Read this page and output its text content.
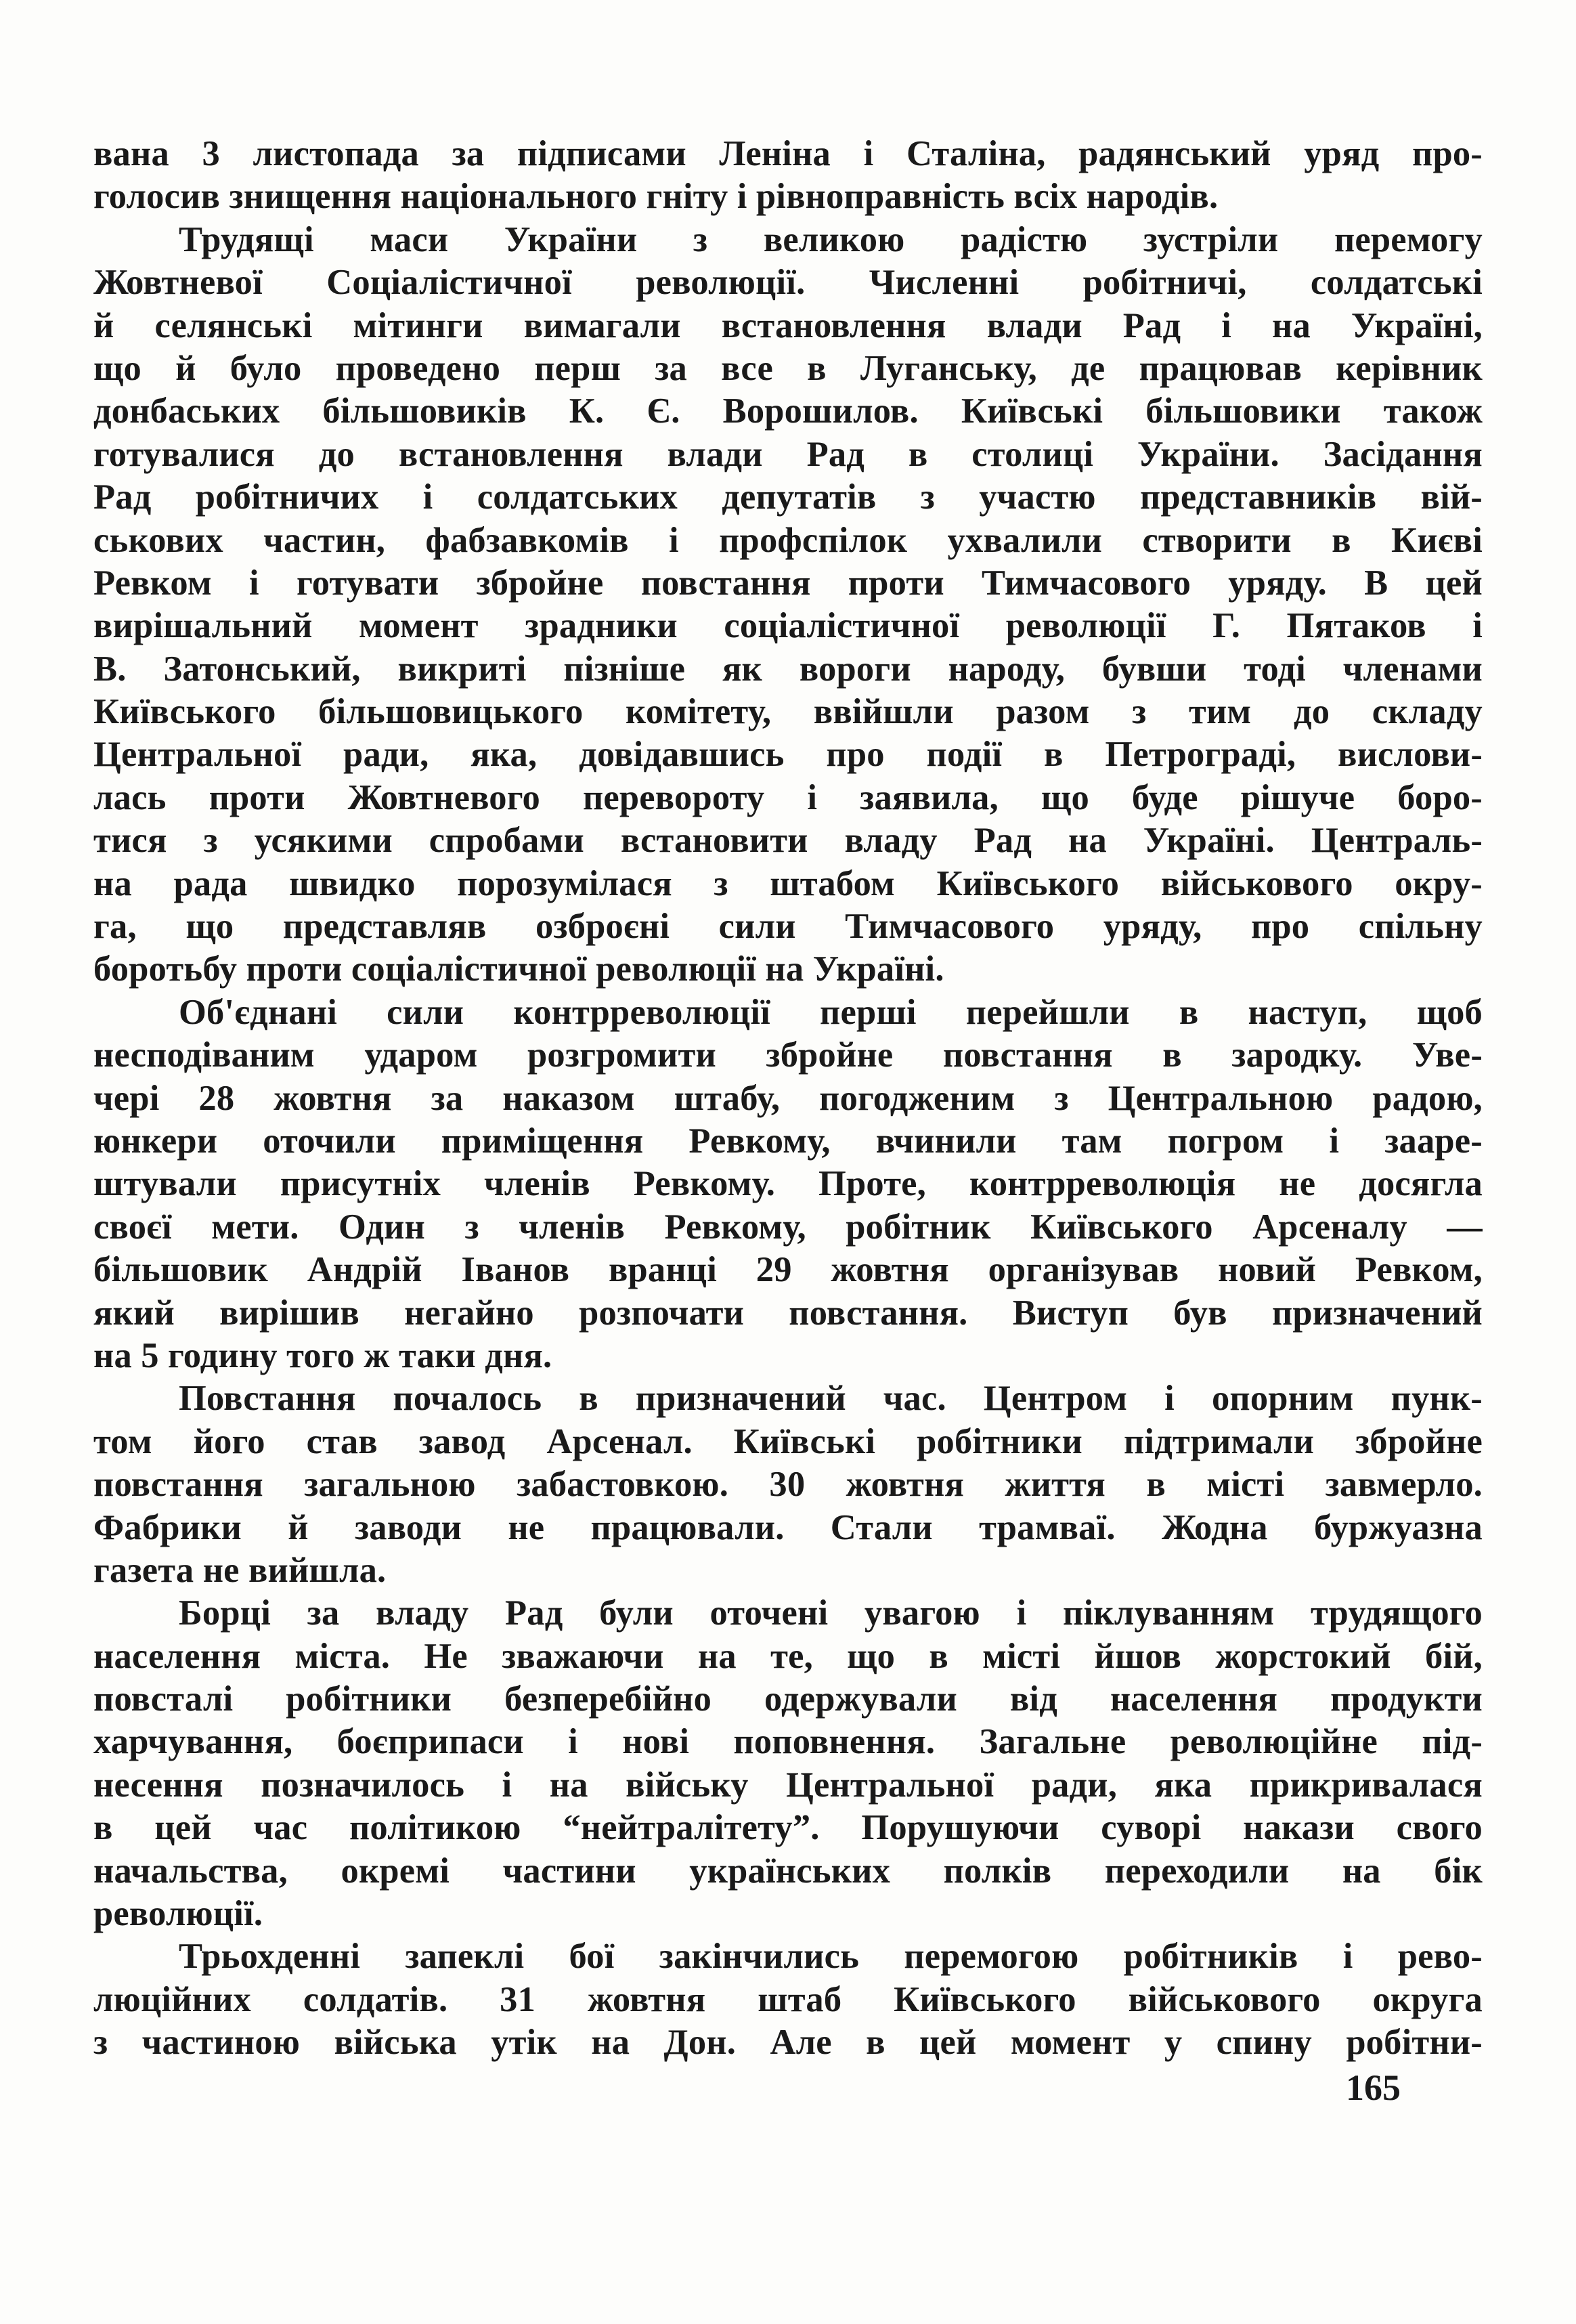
вана 3 листопада за підписами Леніна і Сталіна, радянський уряд про-
голосив знищення національного гніту і рівноправність всіх народів.
Трудящі маси України з великою радістю зустріли перемогу
Жовтневої Соціалістичної революції. Численні робітничі, солдатські
й селянські мітинги вимагали встановлення влади Рад і на Україні,
що й було проведено перш за все в Луганську, де працював керівник
донбаських більшовиків К. Є. Ворошилов. Київські більшовики також
готувалися до встановлення влади Рад в столиці України. Засідання
Рад робітничих і солдатських депутатів з участю представників вій-
ськових частин, фабзавкомів і профспілок ухвалили створити в Києві
Ревком і готувати збройне повстання проти Тимчасового уряду. В цей
вирішальний момент зрадники соціалістичної революції Г. Пятаков і
В. Затонський, викриті пізніше як вороги народу, бувши тоді членами
Київського більшовицького комітету, ввійшли разом з тим до складу
Центральної ради, яка, довідавшись про події в Петрограді, вислови-
лась проти Жовтневого перевороту і заявила, що буде рішуче боро-
тися з усякими спробами встановити владу Рад на Україні. Централь-
на рада швидко порозумілася з штабом Київського військового окру-
га, що представляв озброєні сили Тимчасового уряду, про спільну
боротьбу проти соціалістичної революції на Україні.
Об'єднані сили контрреволюції перші перейшли в наступ, щоб
несподіваним ударом розгромити збройне повстання в зародку. Уве-
чері 28 жовтня за наказом штабу, погодженим з Центральною радою,
юнкери оточили приміщення Ревкому, вчинили там погром і зааре-
штували присутніх членів Ревкому. Проте, контрреволюція не досягла
своєї мети. Один з членів Ревкому, робітник Київського Арсеналу —
більшовик Андрій Іванов вранці 29 жовтня організував новий Ревком,
який вирішив негайно розпочати повстання. Виступ був призначений
на 5 годину того ж таки дня.
Повстання почалось в призначений час. Центром і опорним пунк-
том його став завод Арсенал. Київські робітники підтримали збройне
повстання загальною забастовкою. 30 жовтня життя в місті завмерло.
Фабрики й заводи не працювали. Стали трамваї. Жодна буржуазна
газета не вийшла.
Борці за владу Рад були оточені увагою і піклуванням трудящого
населення міста. Не зважаючи на те, що в місті йшов жорстокий бій,
повсталі робітники безперебійно одержували від населення продукти
харчування, боєприпаси і нові поповнення. Загальне революційне під-
несення позначилось і на війську Центральної ради, яка прикривалася
в цей час політикою “нейтралітету”. Порушуючи суворі накази свого
начальства, окремі частини українських полків переходили на бік
революції.
Трьохденні запеклі бої закінчились перемогою робітників і рево-
люційних солдатів. 31 жовтня штаб Київського військового округа
з частиною війська утік на Дон. Але в цей момент у спину робітни-
165
